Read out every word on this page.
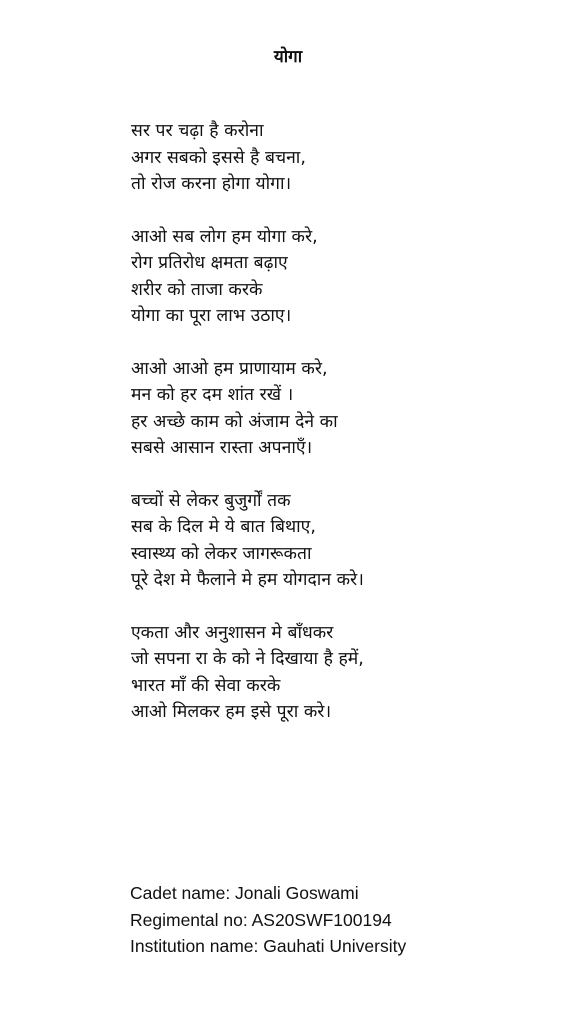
योगा
सर पर चढ़ा है करोना
अगर सबको इससे है बचना,
तो रोज करना होगा योगा।
आओ सब लोग हम योगा करे,
रोग प्रतिरोध क्षमता बढ़ाए
शरीर को ताजा करके
योगा का पूरा लाभ उठाए।
आओ आओ हम प्राणायाम करे,
मन को हर दम शांत रखें ।
हर अच्छे काम को अंजाम देने का
सबसे आसान रास्ता अपनाएँ।
बच्चों से लेकर बुजुर्गों तक
सब के दिल मे ये बात बिथाए,
स्वास्थ्य को लेकर जागरूकता
पूरे देश मे फैलाने मे हम योगदान करे।
एकता और अनुशासन मे बाँधकर
जो सपना रा के को ने दिखाया है हमें,
भारत माँ की सेवा करके
आओ मिलकर हम इसे पूरा करे।
Cadet name: Jonali Goswami
Regimental no: AS20SWF100194
Institution name: Gauhati University
